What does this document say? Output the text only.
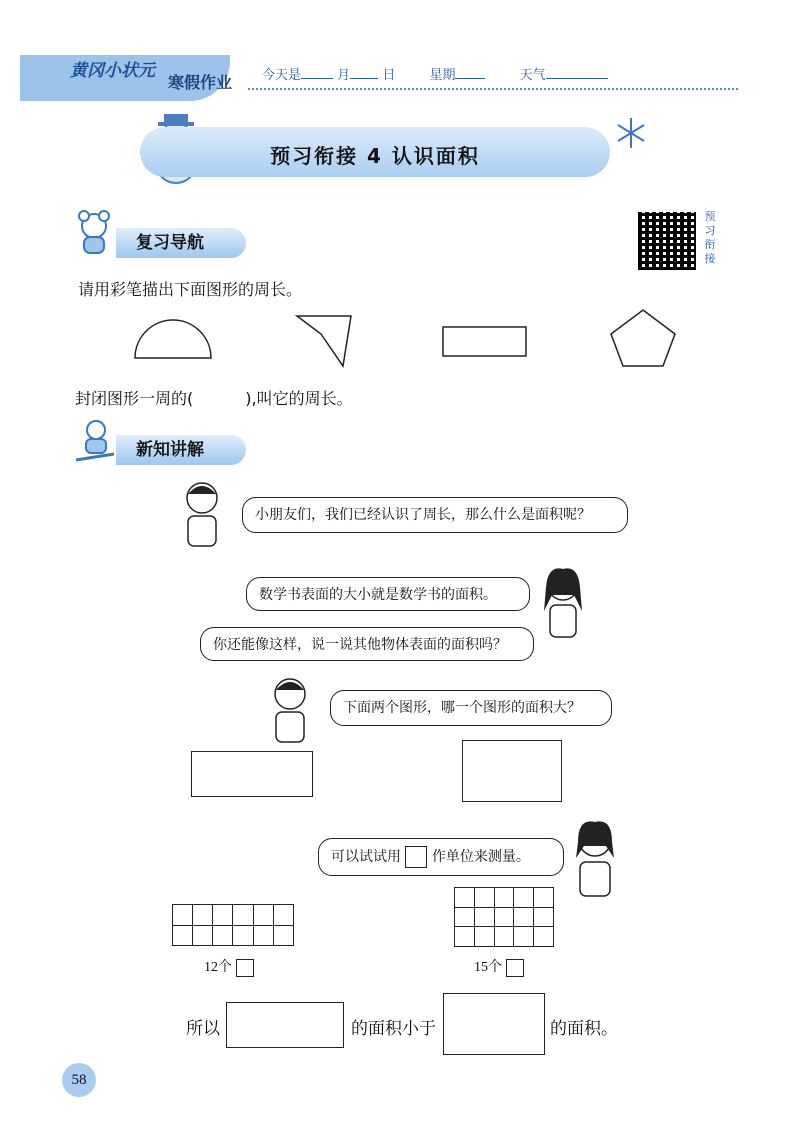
黄冈小状元
寒假作业 今天是	月 日	星期	天气
预习衔接 4 认识面积
复习导航
预习衔接
请用彩笔描出下面图形的周长。
封闭图形一周的(	),叫它的周长。
新知讲解
小朋友们，我们已经认识了周长，那么什么是面积呢？
数学书表面的大小就是数学书的面积。
你还能像这样，说一说其他物体表面的面积吗？
下面两个图形，哪一个图形的面积大？
可以试试用 作单位来测量。
12个	15个
所以	的面积小于	的面积。
58
